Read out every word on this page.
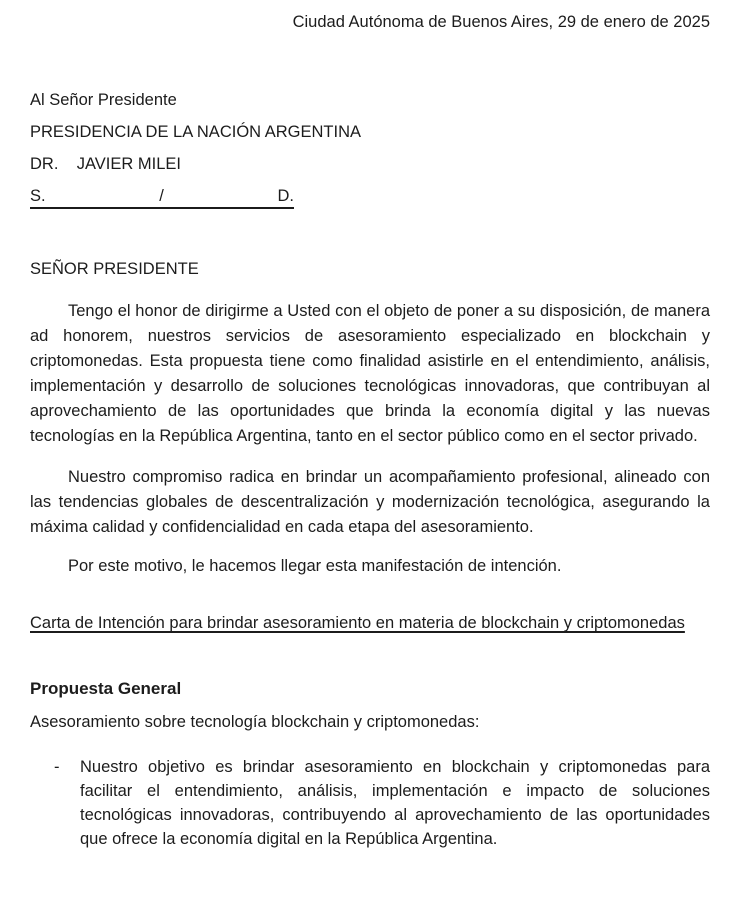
Ciudad Autónoma de Buenos Aires, 29 de enero de 2025
Al Señor Presidente
PRESIDENCIA DE LA NACIÓN ARGENTINA
DR.    JAVIER MILEI
S.	/	D.
SEÑOR PRESIDENTE

Tengo el honor de dirigirme a Usted con el objeto de poner a su disposición, de manera ad honorem, nuestros servicios de asesoramiento especializado en blockchain y criptomonedas. Esta propuesta tiene como finalidad asistirle en el entendimiento, análisis, implementación y desarrollo de soluciones tecnológicas innovadoras, que contribuyan al aprovechamiento de las oportunidades que brinda la economía digital y las nuevas tecnologías en la República Argentina, tanto en el sector público como en el sector privado.

Nuestro compromiso radica en brindar un acompañamiento profesional, alineado con las tendencias globales de descentralización y modernización tecnológica, asegurando la máxima calidad y confidencialidad en cada etapa del asesoramiento.

Por este motivo, le hacemos llegar esta manifestación de intención.

Carta de Intención para brindar asesoramiento en materia de blockchain y criptomonedas
Propuesta General
Asesoramiento sobre tecnología blockchain y criptomonedas:
-	Nuestro objetivo es brindar asesoramiento en blockchain y criptomonedas para facilitar el entendimiento, análisis, implementación e impacto de soluciones tecnológicas innovadoras, contribuyendo al aprovechamiento de las oportunidades que ofrece la economía digital en la República Argentina.
